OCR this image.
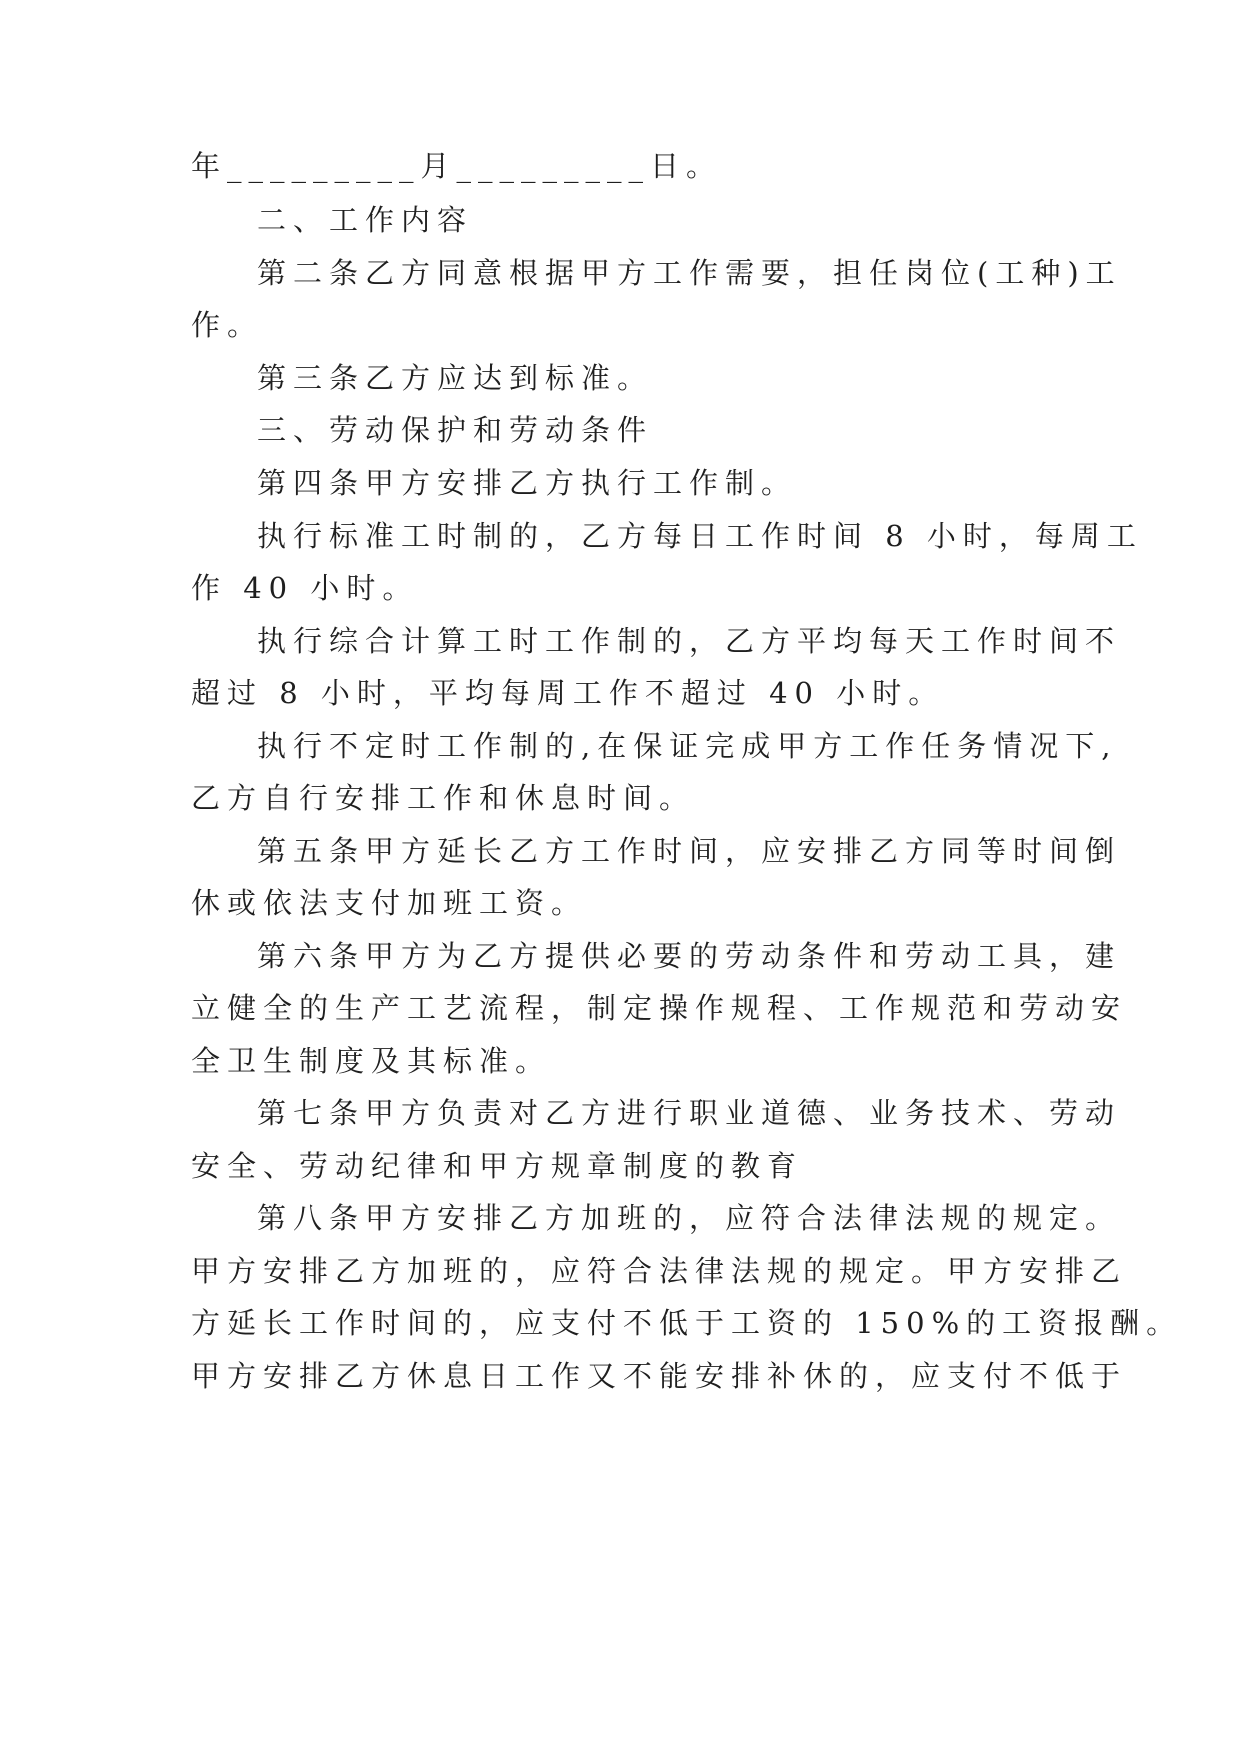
年_________月_________日。
二、工作内容
第二条乙方同意根据甲方工作需要，担任岗位(工种)工
作。
第三条乙方应达到标准。
三、劳动保护和劳动条件
第四条甲方安排乙方执行工作制。
执行标准工时制的，乙方每日工作时间 8 小时，每周工
作 40 小时。
执行综合计算工时工作制的，乙方平均每天工作时间不
超过 8 小时，平均每周工作不超过 40 小时。
执行不定时工作制的,在保证完成甲方工作任务情况下,
乙方自行安排工作和休息时间。
第五条甲方延长乙方工作时间，应安排乙方同等时间倒
休或依法支付加班工资。
第六条甲方为乙方提供必要的劳动条件和劳动工具，建
立健全的生产工艺流程，制定操作规程、工作规范和劳动安
全卫生制度及其标准。
第七条甲方负责对乙方进行职业道德、业务技术、劳动
安全、劳动纪律和甲方规章制度的教育
第八条甲方安排乙方加班的，应符合法律法规的规定。
甲方安排乙方加班的，应符合法律法规的规定。甲方安排乙
方延长工作时间的，应支付不低于工资的 150%的工资报酬。
甲方安排乙方休息日工作又不能安排补休的，应支付不低于
